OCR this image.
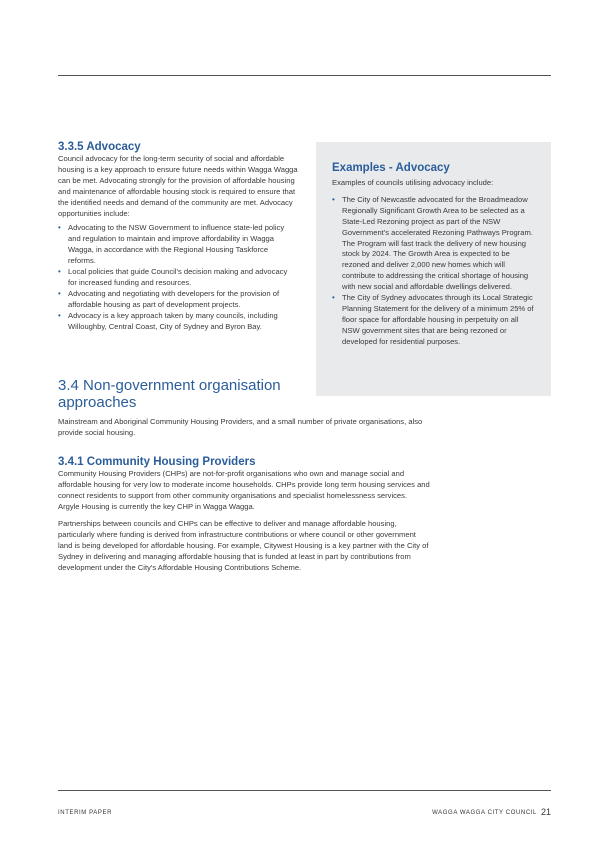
3.3.5 Advocacy

Council advocacy for the long-term security of social and affordable housing is a key approach to ensure future needs within Wagga Wagga can be met. Advocating strongly for the provision of affordable housing and maintenance of affordable housing stock is required to ensure that the identified needs and demand of the community are met. Advocacy opportunities include:

• Advocating to the NSW Government to influence state-led policy and regulation to maintain and improve affordability in Wagga Wagga, in accordance with the Regional Housing Taskforce reforms.
• Local policies that guide Council's decision making and advocacy for increased funding and resources.
• Advocating and negotiating with developers for the provision of affordable housing as part of development projects.
• Advocacy is a key approach taken by many councils, including Willoughby, Central Coast, City of Sydney and Byron Bay.
Examples - Advocacy

Examples of councils utilising advocacy include:

• The City of Newcastle advocated for the Broadmeadow Regionally Significant Growth Area to be selected as a State-Led Rezoning project as part of the NSW Government's accelerated Rezoning Pathways Program. The Program will fast track the delivery of new housing stock by 2024. The Growth Area is expected to be rezoned and deliver 2,000 new homes which will contribute to addressing the critical shortage of housing with new social and affordable dwellings delivered.
• The City of Sydney advocates through its Local Strategic Planning Statement for the delivery of a minimum 25% of floor space for affordable housing in perpetuity on all NSW government sites that are being rezoned or developed for residential purposes.
3.4 Non-government organisation approaches

Mainstream and Aboriginal Community Housing Providers, and a small number of private organisations, also provide social housing.

3.4.1 Community Housing Providers

Community Housing Providers (CHPs) are not-for-profit organisations who own and manage social and affordable housing for very low to moderate income households. CHPs provide long term housing services and connect residents to support from other community organisations and specialist homelessness services. Argyle Housing is currently the key CHP in Wagga Wagga.

Partnerships between councils and CHPs can be effective to deliver and manage affordable housing, particularly where funding is derived from infrastructure contributions or where council or other government land is being developed for affordable housing. For example, Citywest Housing is a key partner with the City of Sydney in delivering and managing affordable housing that is funded at least in part by contributions from development under the City's Affordable Housing Contributions Scheme.

INTERIM PAPER	WAGGA WAGGA CITY COUNCIL 21
